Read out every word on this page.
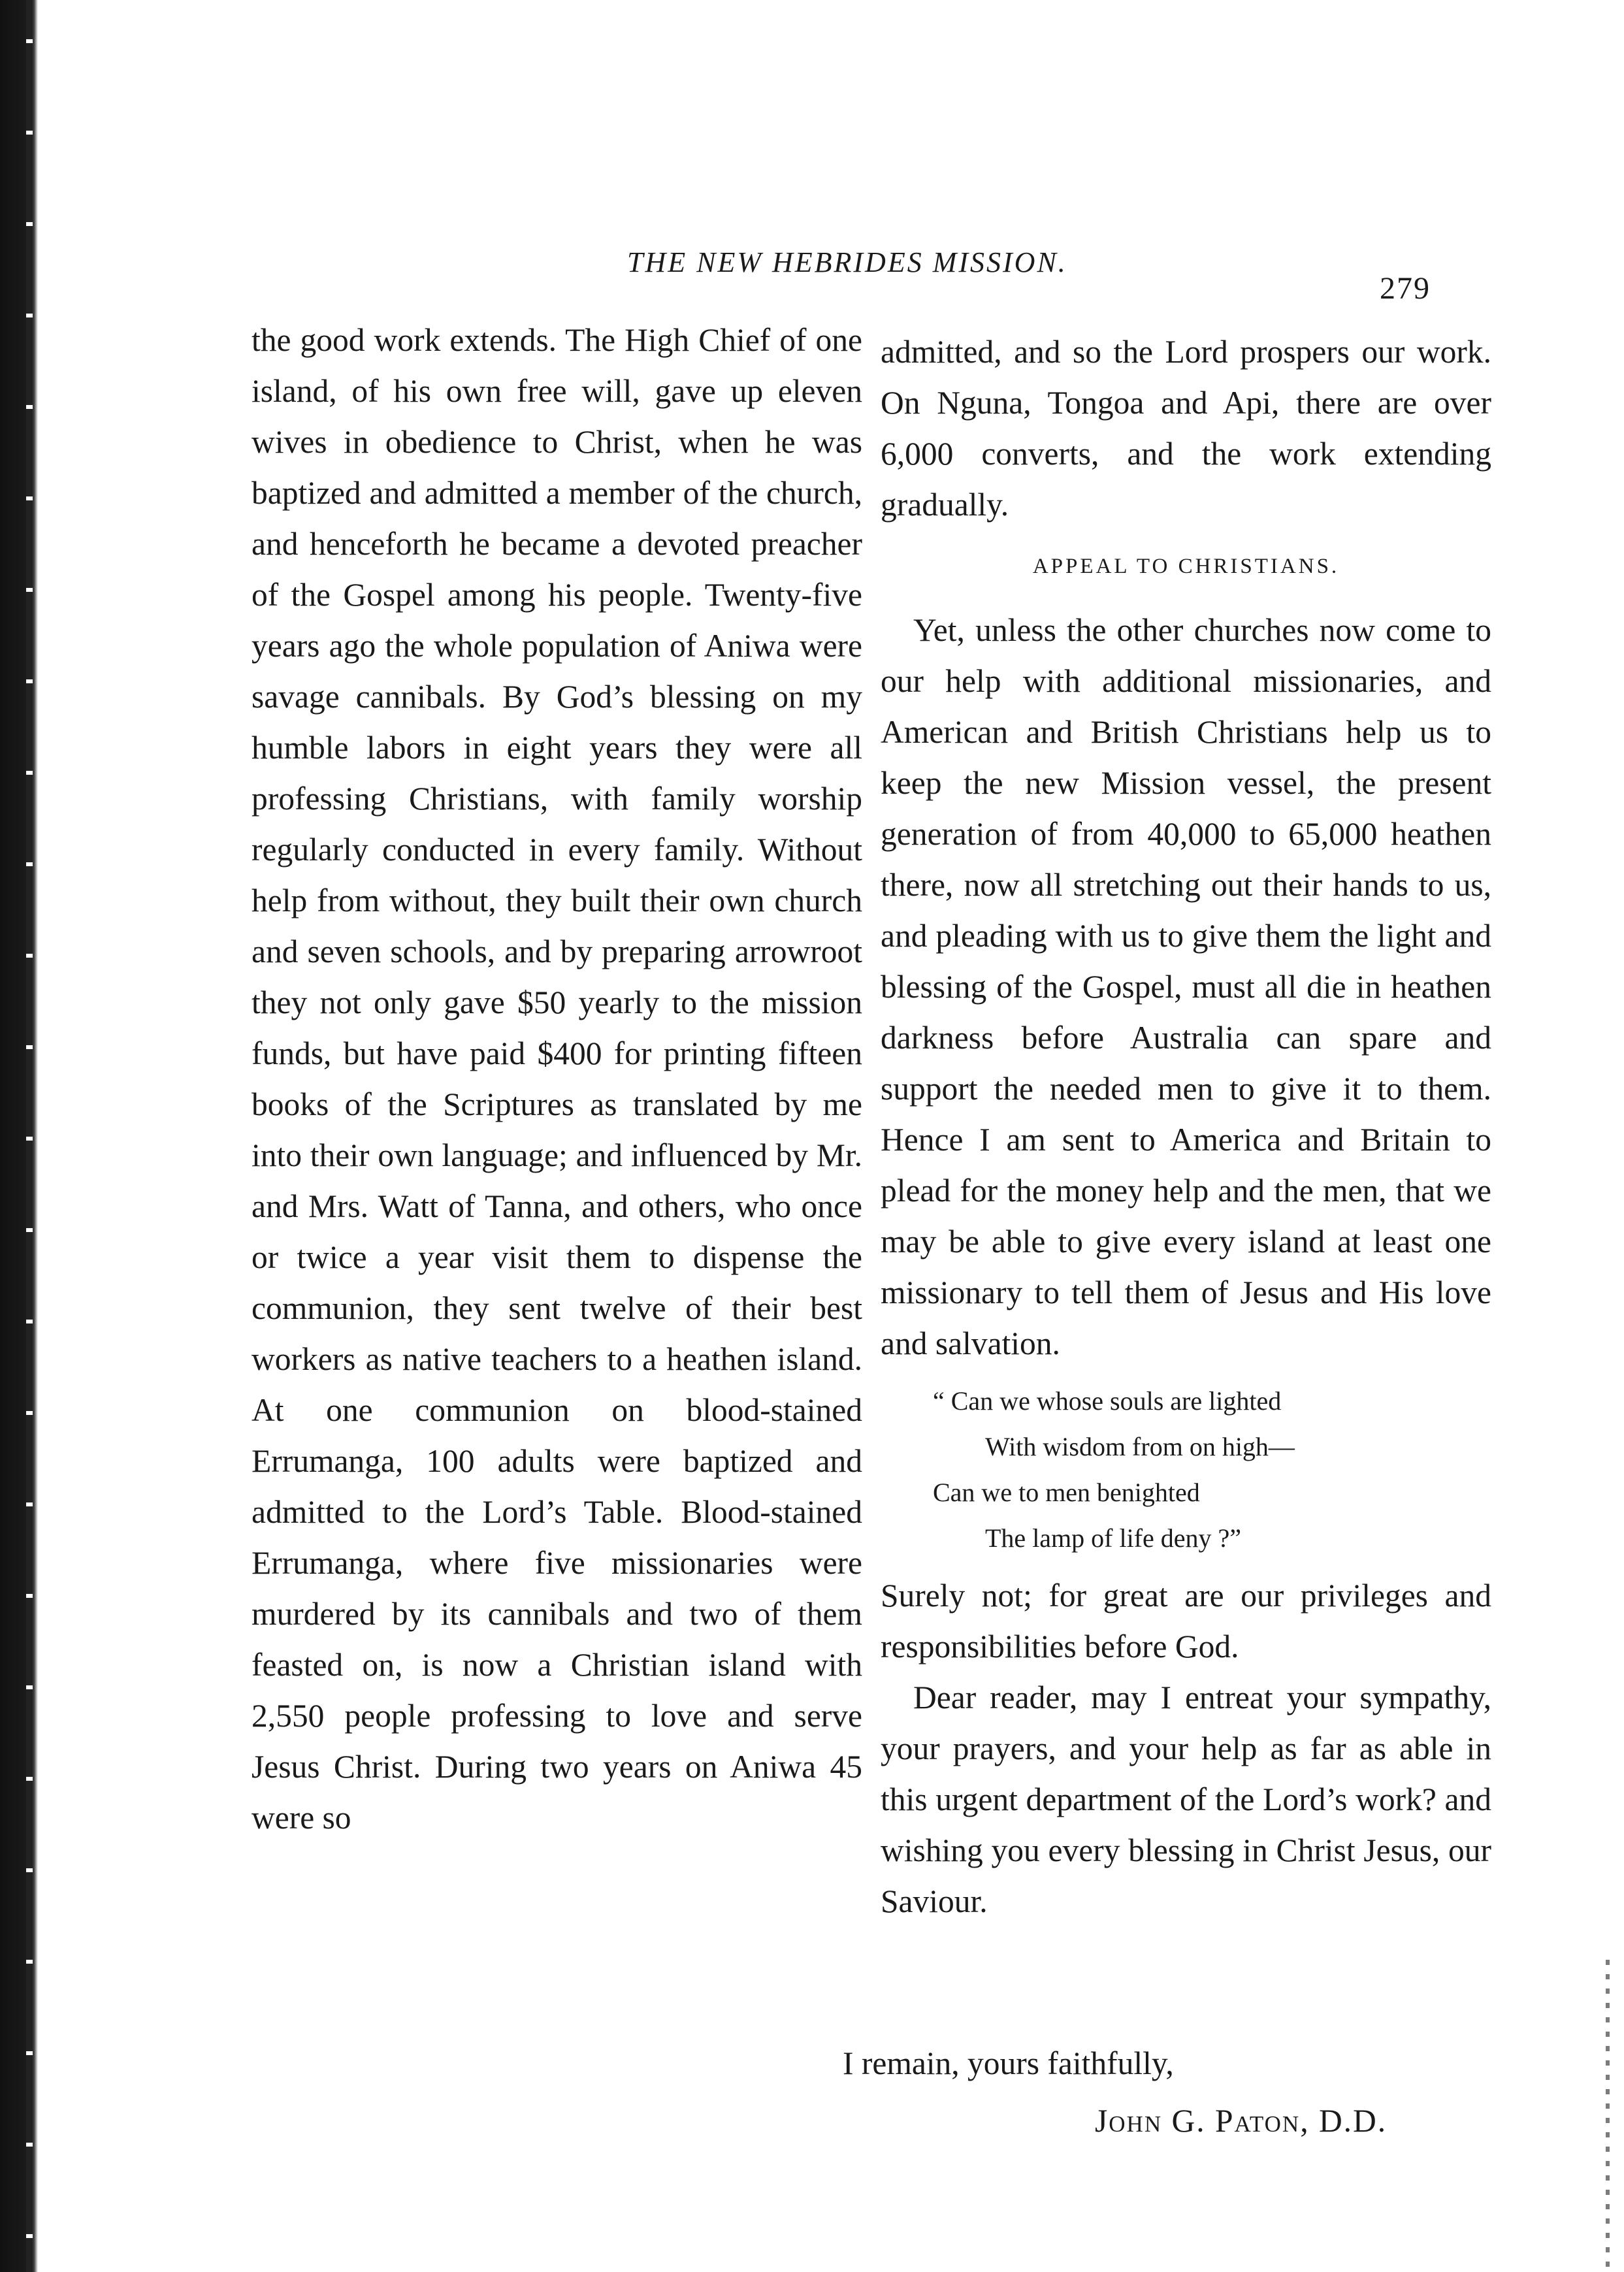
THE NEW HEBRIDES MISSION.
279

the good work extends. The High Chief of one island, of his own free will, gave up eleven wives in obedience to Christ, when he was baptized and admitted a member of the church, and henceforth he became a devoted preacher of the Gospel among his people. Twenty-five years ago the whole population of Aniwa were savage cannibals. By God’s blessing on my humble labors in eight years they were all professing Christians, with family worship regularly conducted in every family. Without help from without, they built their own church and seven schools, and by preparing arrowroot they not only gave $50 yearly to the mission funds, but have paid $400 for printing fifteen books of the Scriptures as translated by me into their own language; and influenced by Mr. and Mrs. Watt of Tanna, and others, who once or twice a year visit them to dispense the communion, they sent twelve of their best workers as native teachers to a heathen island. At one communion on blood-stained Errumanga, 100 adults were baptized and admitted to the Lord’s Table. Blood-stained Errumanga, where five missionaries were murdered by its cannibals and two of them feasted on, is now a Christian island with 2,550 people professing to love and serve Jesus Christ. During two years on Aniwa 45 were so

admitted, and so the Lord prospers our work. On Nguna, Tongoa and Api, there are over 6,000 converts, and the work extending gradually.

APPEAL TO CHRISTIANS.

Yet, unless the other churches now come to our help with additional missionaries, and American and British Christians help us to keep the new Mission vessel, the present generation of from 40,000 to 65,000 heathen there, now all stretching out their hands to us, and pleading with us to give them the light and blessing of the Gospel, must all die in heathen darkness before Australia can spare and support the needed men to give it to them. Hence I am sent to America and Britain to plead for the money help and the men, that we may be able to give every island at least one missionary to tell them of Jesus and His love and salvation.

“ Can we whose souls are lighted
With wisdom from on high—
Can we to men benighted
The lamp of life deny ?”

Surely not; for great are our privileges and responsibilities before God.

Dear reader, may I entreat your sympathy, your prayers, and your help as far as able in this urgent department of the Lord’s work? and wishing you every blessing in Christ Jesus, our Saviour.

I remain, yours faithfully,
John G. Paton, D.D.
